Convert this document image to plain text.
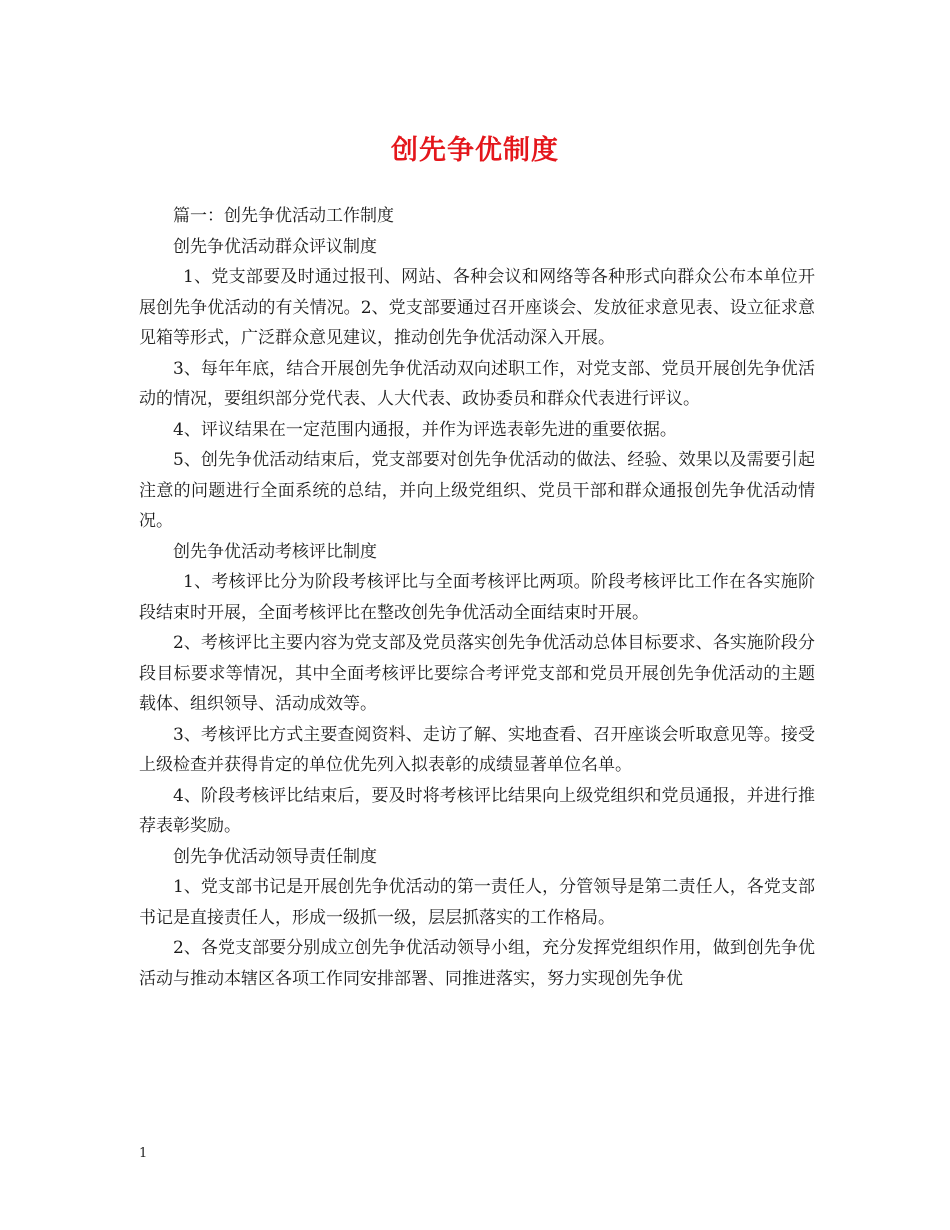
创先争优制度

篇一：创先争优活动工作制度

创先争优活动群众评议制度

1、党支部要及时通过报刊、网站、各种会议和网络等各种形式向群众公布本单位开展创先争优活动的有关情况。2、党支部要通过召开座谈会、发放征求意见表、设立征求意见箱等形式，广泛群众意见建议，推动创先争优活动深入开展。

3、每年年底，结合开展创先争优活动双向述职工作，对党支部、党员开展创先争优活动的情况，要组织部分党代表、人大代表、政协委员和群众代表进行评议。

4、评议结果在一定范围内通报，并作为评选表彰先进的重要依据。

5、创先争优活动结束后，党支部要对创先争优活动的做法、经验、效果以及需要引起注意的问题进行全面系统的总结，并向上级党组织、党员干部和群众通报创先争优活动情况。

创先争优活动考核评比制度

1、考核评比分为阶段考核评比与全面考核评比两项。阶段考核评比工作在各实施阶段结束时开展，全面考核评比在整改创先争优活动全面结束时开展。

2、考核评比主要内容为党支部及党员落实创先争优活动总体目标要求、各实施阶段分段目标要求等情况，其中全面考核评比要综合考评党支部和党员开展创先争优活动的主题载体、组织领导、活动成效等。

3、考核评比方式主要查阅资料、走访了解、实地查看、召开座谈会听取意见等。接受上级检查并获得肯定的单位优先列入拟表彰的成绩显著单位名单。

4、阶段考核评比结束后，要及时将考核评比结果向上级党组织和党员通报，并进行推荐表彰奖励。

创先争优活动领导责任制度

1、党支部书记是开展创先争优活动的第一责任人，分管领导是第二责任人，各党支部书记是直接责任人，形成一级抓一级，层层抓落实的工作格局。

2、各党支部要分别成立创先争优活动领导小组，充分发挥党组织作用，做到创先争优活动与推动本辖区各项工作同安排部署、同推进落实，努力实现创先争优

1
